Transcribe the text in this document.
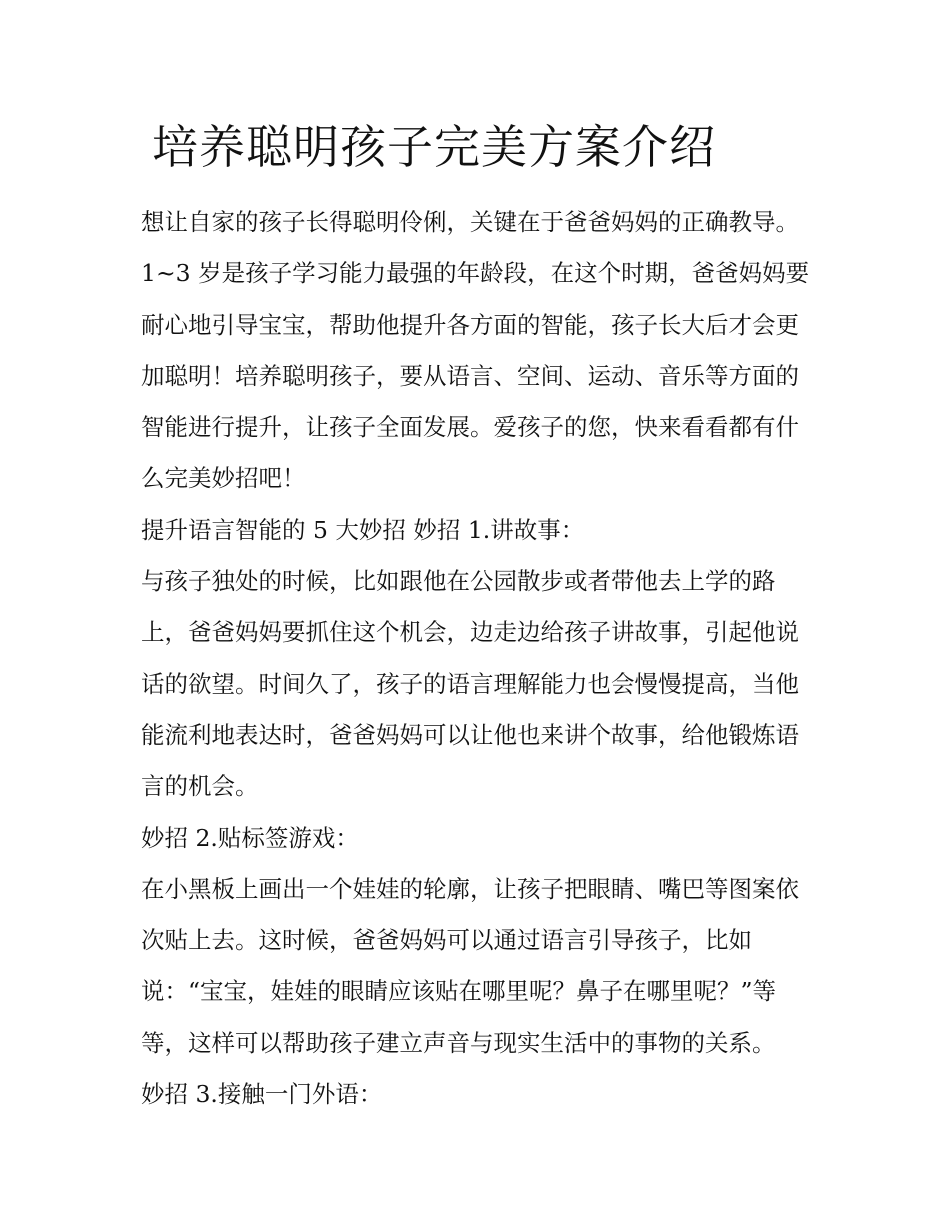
培养聪明孩子完美方案介绍

想让自家的孩子长得聪明伶俐，关键在于爸爸妈妈的正确教导。1~3 岁是孩子学习能力最强的年龄段，在这个时期，爸爸妈妈要耐心地引导宝宝，帮助他提升各方面的智能，孩子长大后才会更加聪明！培养聪明孩子，要从语言、空间、运动、音乐等方面的智能进行提升，让孩子全面发展。爱孩子的您，快来看看都有什么完美妙招吧！

提升语言智能的 5 大妙招 妙招 1.讲故事：

与孩子独处的时候，比如跟他在公园散步或者带他去上学的路上，爸爸妈妈要抓住这个机会，边走边给孩子讲故事，引起他说话的欲望。时间久了，孩子的语言理解能力也会慢慢提高，当他能流利地表达时，爸爸妈妈可以让他也来讲个故事，给他锻炼语言的机会。

妙招 2.贴标签游戏：

在小黑板上画出一个娃娃的轮廓，让孩子把眼睛、嘴巴等图案依次贴上去。这时候，爸爸妈妈可以通过语言引导孩子，比如说：“宝宝，娃娃的眼睛应该贴在哪里呢？鼻子在哪里呢？”等等，这样可以帮助孩子建立声音与现实生活中的事物的关系。

妙招 3.接触一门外语：
